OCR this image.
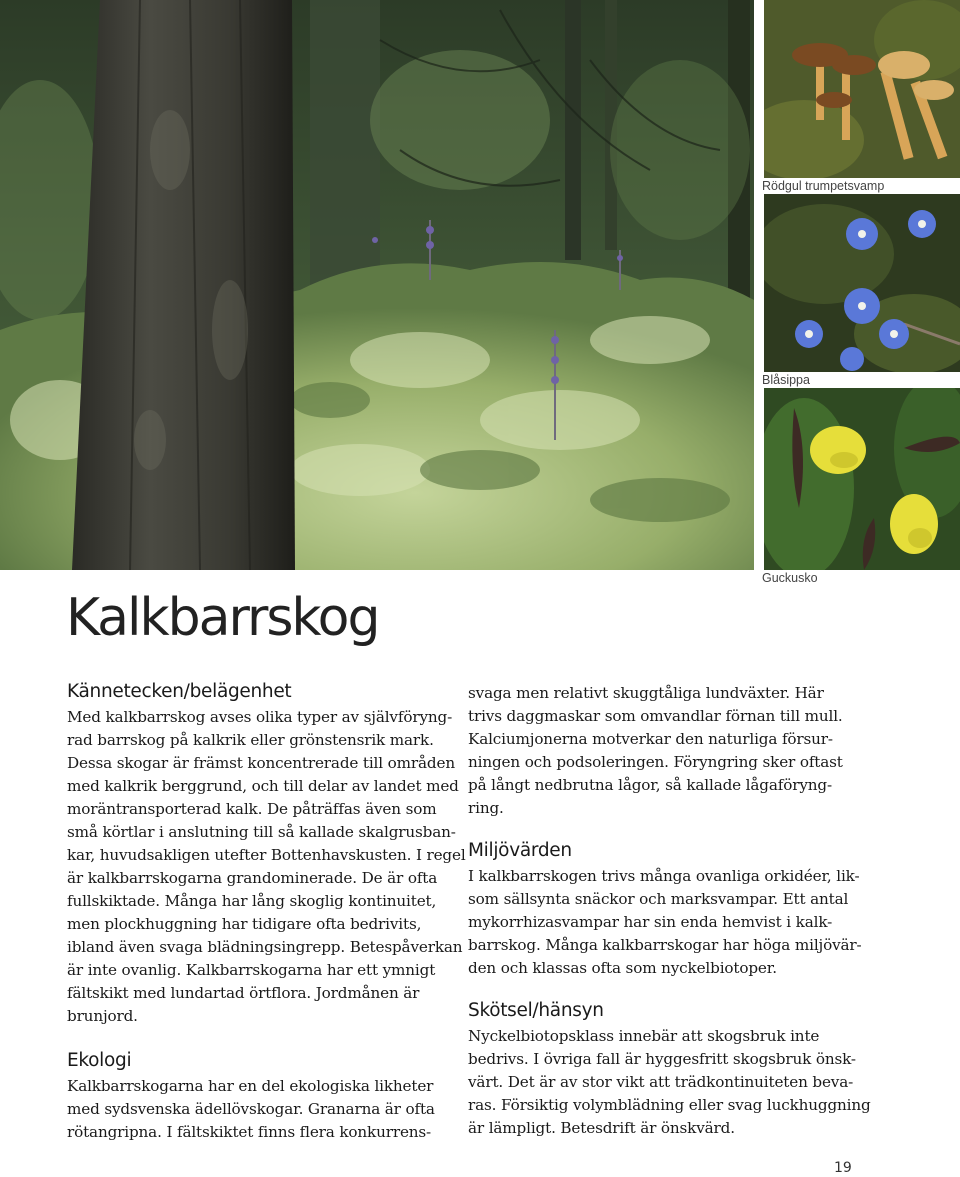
Rödgul trumpetsvamp
Blåsippa
Guckusko
Kalkbarrskog
Kännetecken/belägenhet

Med kalkbarrskog avses olika typer av självföryng-
rad barrskog på kalkrik eller grönstensrik mark.
Dessa skogar är främst koncentrerade till områden
med kalkrik berggrund, och till delar av landet med
moräntransporterad kalk. De påträffas även som
små körtlar i anslutning till så kallade skalgrusban-
kar, huvudsakligen utefter Bottenhavskusten. I regel
är kalkbarrskogarna grandominerade. De är ofta
fullskiktade. Många har lång skoglig kontinuitet,
men plockhuggning har tidigare ofta bedrivits,
ibland även svaga blädningsingrepp. Betespåverkan
är inte ovanlig. Kalkbarrskogarna har ett ymnigt
fältskikt med lundartad örtflora. Jordmånen är
brunjord.

Ekologi

Kalkbarrskogarna har en del ekologiska likheter
med sydsvenska ädellövskogar. Granarna är ofta
rötangripna. I fältskiktet finns flera konkurrens-

svaga men relativt skuggtåliga lundväxter. Här
trivs daggmaskar som omvandlar förnan till mull.
Kalciumjonerna motverkar den naturliga försur-
ningen och podsoleringen. Föryngring sker oftast
på långt nedbrutna lågor, så kallade lågaföryng-
ring.

Miljövärden

I kalkbarrskogen trivs många ovanliga orkidéer, lik-
som sällsynta snäckor och marksvampar. Ett antal
mykorrhizasvampar har sin enda hemvist i kalk-
barrskog. Många kalkbarrskogar har höga miljövär-
den och klassas ofta som nyckelbiotoper.

Skötsel/hänsyn

Nyckelbiotopsklass innebär att skogsbruk inte
bedrivs. I övriga fall är hyggesfritt skogsbruk önsk-
värt. Det är av stor vikt att trädkontinuiteten beva-
ras. Försiktig volymblädning eller svag luckhuggning
är lämpligt. Betesdrift är önskvärd.

19
